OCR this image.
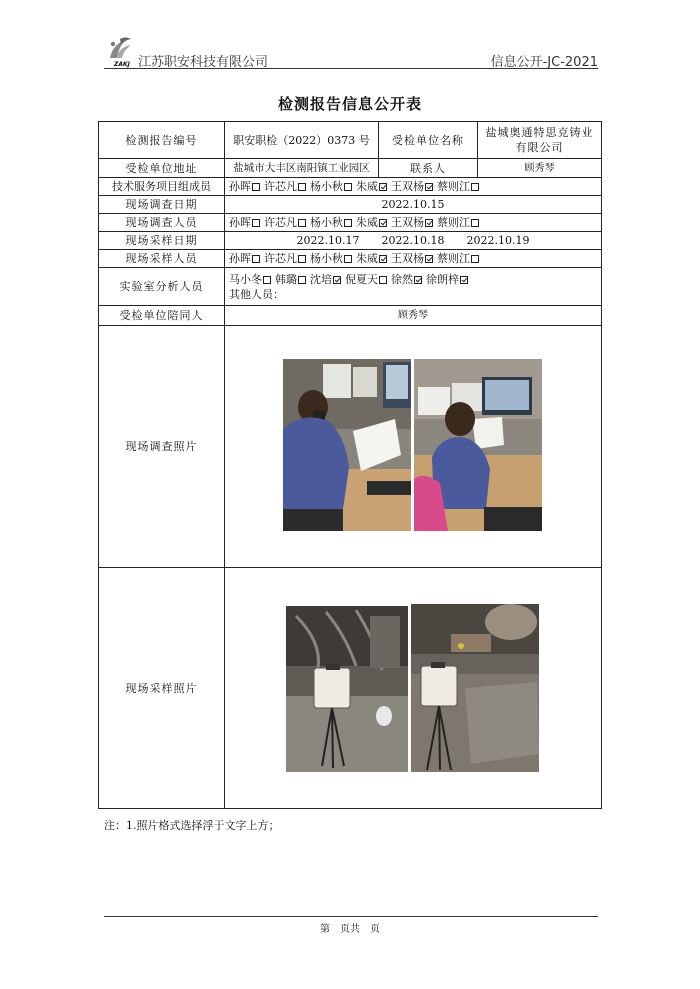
ZAKJ 江苏职安科技有限公司	信息公开-JC-2021
检测报告信息公开表
检测报告编号	职安职检（2022）0373 号	受检单位名称	盐城奥通特思克铸业有限公司
受检单位地址	盐城市大丰区南阳镇工业园区	联系人	顾秀琴
技术服务项目组成员	孙晖 许芯凡 杨小秋 朱威 王双杨 蔡则江		
现场调查日期	2022.10.15		
现场调查人员	孙晖 许芯凡 杨小秋 朱威 王双杨 蔡则江		
现场采样日期	2022.10.17　　2022.10.18　　2022.10.19		
现场采样人员	孙晖 许芯凡 杨小秋 朱威 王双杨 蔡则江		
实验室分析人员	马小冬 韩璐 沈培 倪夏天 徐然 徐朗梓
其他人员：		

受检单位陪同人	顾秀琴		
现场调查照片	

现场采样照片	
注：1.照片格式选择浮于文字上方；
第　页共　页
